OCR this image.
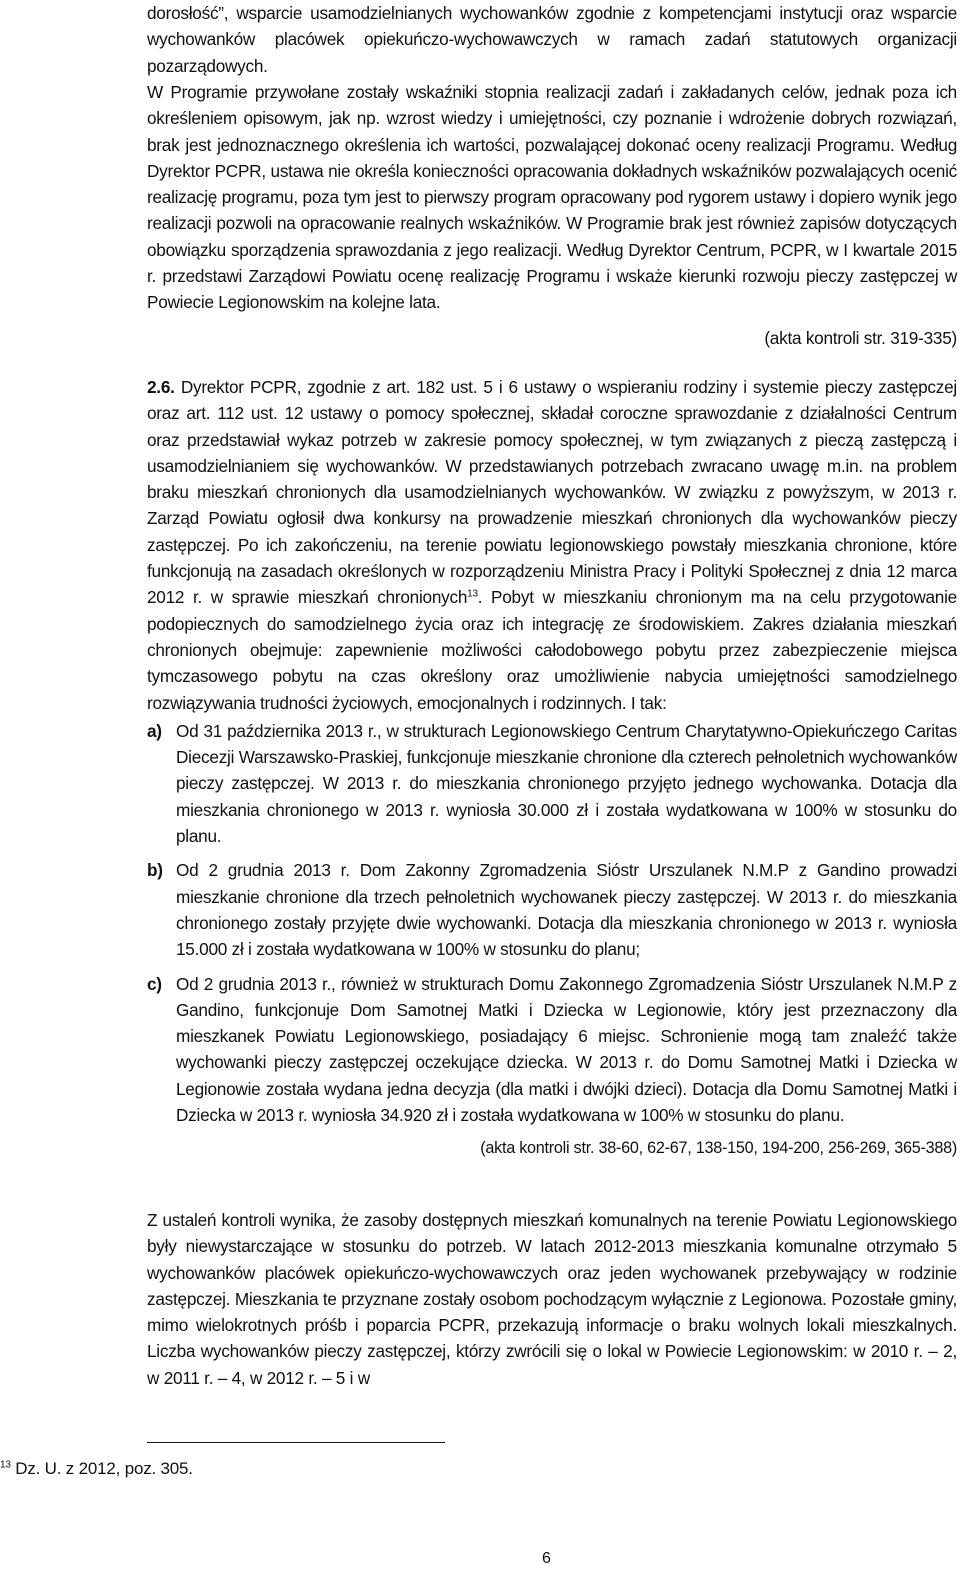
dorosłość”, wsparcie usamodzielnianych wychowanków zgodnie z kompetencjami instytucji oraz wsparcie wychowanków placówek opiekuńczo-wychowawczych w ramach zadań statutowych organizacji pozarządowych.

W Programie przywołane zostały wskaźniki stopnia realizacji zadań i zakładanych celów, jednak poza ich określeniem opisowym, jak np. wzrost wiedzy i umiejętności, czy poznanie i wdrożenie dobrych rozwiązań, brak jest jednoznacznego określenia ich wartości, pozwalającej dokonać oceny realizacji Programu. Według Dyrektor PCPR, ustawa nie określa konieczności opracowania dokładnych wskaźników pozwalających ocenić realizację programu, poza tym jest to pierwszy program opracowany pod rygorem ustawy i dopiero wynik jego realizacji pozwoli na opracowanie realnych wskaźników. W Programie brak jest również zapisów dotyczących obowiązku sporządzenia sprawozdania z jego realizacji. Według Dyrektor Centrum, PCPR, w I kwartale 2015 r. przedstawi Zarządowi Powiatu ocenę realizację Programu i wskaże kierunki rozwoju pieczy zastępczej w Powiecie Legionowskim na kolejne lata.

(akta kontroli str. 319-335)

2.6. Dyrektor PCPR, zgodnie z art. 182 ust. 5 i 6 ustawy o wspieraniu rodziny i systemie pieczy zastępczej oraz art. 112 ust. 12 ustawy o pomocy społecznej, składał coroczne sprawozdanie z działalności Centrum oraz przedstawiał wykaz potrzeb w zakresie pomocy społecznej, w tym związanych z pieczą zastępczą i usamodzielnianiem się wychowanków. W przedstawianych potrzebach zwracano uwagę m.in. na problem braku mieszkań chronionych dla usamodzielnianych wychowanków. W związku z powyższym, w 2013 r. Zarząd Powiatu ogłosił dwa konkursy na prowadzenie mieszkań chronionych dla wychowanków pieczy zastępczej. Po ich zakończeniu, na terenie powiatu legionowskiego powstały mieszkania chronione, które funkcjonują na zasadach określonych w rozporządzeniu Ministra Pracy i Polityki Społecznej z dnia 12 marca 2012 r. w sprawie mieszkań chronionych$^{13}$. Pobyt w mieszkaniu chronionym ma na celu przygotowanie podopiecznych do samodzielnego życia oraz ich integrację ze środowiskiem. Zakres działania mieszkań chronionych obejmuje: zapewnienie możliwości całodobowego pobytu przez zabezpieczenie miejsca tymczasowego pobytu na czas określony oraz umożliwienie nabycia umiejętności samodzielnego rozwiązywania trudności życiowych, emocjonalnych i rodzinnych. I tak:

a) Od 31 października 2013 r., w strukturach Legionowskiego Centrum Charytatywno-Opiekuńczego Caritas Diecezji Warszawsko-Praskiej, funkcjonuje mieszkanie chronione dla czterech pełnoletnich wychowanków pieczy zastępczej. W 2013 r. do mieszkania chronionego przyjęto jednego wychowanka. Dotacja dla mieszkania chronionego w 2013 r. wyniosła 30.000 zł i została wydatkowana w 100% w stosunku do planu.
b) Od 2 grudnia 2013 r. Dom Zakonny Zgromadzenia Sióstr Urszulanek N.M.P z Gandino prowadzi mieszkanie chronione dla trzech pełnoletnich wychowanek pieczy zastępczej. W 2013 r. do mieszkania chronionego zostały przyjęte dwie wychowanki. Dotacja dla mieszkania chronionego w 2013 r. wyniosła 15.000 zł i została wydatkowana w 100% w stosunku do planu;
c) Od 2 grudnia 2013 r., również w strukturach Domu Zakonnego Zgromadzenia Sióstr Urszulanek N.M.P z Gandino, funkcjonuje Dom Samotnej Matki i Dziecka w Legionowie, który jest przeznaczony dla mieszkanek Powiatu Legionowskiego, posiadający 6 miejsc. Schronienie mogą tam znaleźć także wychowanki pieczy zastępczej oczekujące dziecka. W 2013 r. do Domu Samotnej Matki i Dziecka w Legionowie została wydana jedna decyzja (dla matki i dwójki dzieci). Dotacja dla Domu Samotnej Matki i Dziecka w 2013 r. wyniosła 34.920 zł i została wydatkowana w 100% w stosunku do planu.

(akta kontroli str. 38-60, 62-67, 138-150, 194-200, 256-269, 365-388)

Z ustaleń kontroli wynika, że zasoby dostępnych mieszkań komunalnych na terenie Powiatu Legionowskiego były niewystarczające w stosunku do potrzeb. W latach 2012-2013 mieszkania komunalne otrzymało 5 wychowanków placówek opiekuńczo-wychowawczych oraz jeden wychowanek przebywający w rodzinie zastępczej. Mieszkania te przyznane zostały osobom pochodzącym wyłącznie z Legionowa. Pozostałe gminy, mimo wielokrotnych próśb i poparcia PCPR, przekazują informacje o braku wolnych lokali mieszkalnych. Liczba wychowanków pieczy zastępczej, którzy zwrócili się o lokal w Powiecie Legionowskim: w 2010 r. – 2, w 2011 r. – 4, w 2012 r. – 5 i w

$^{13}$ Dz. U. z 2012, poz. 305.
6
